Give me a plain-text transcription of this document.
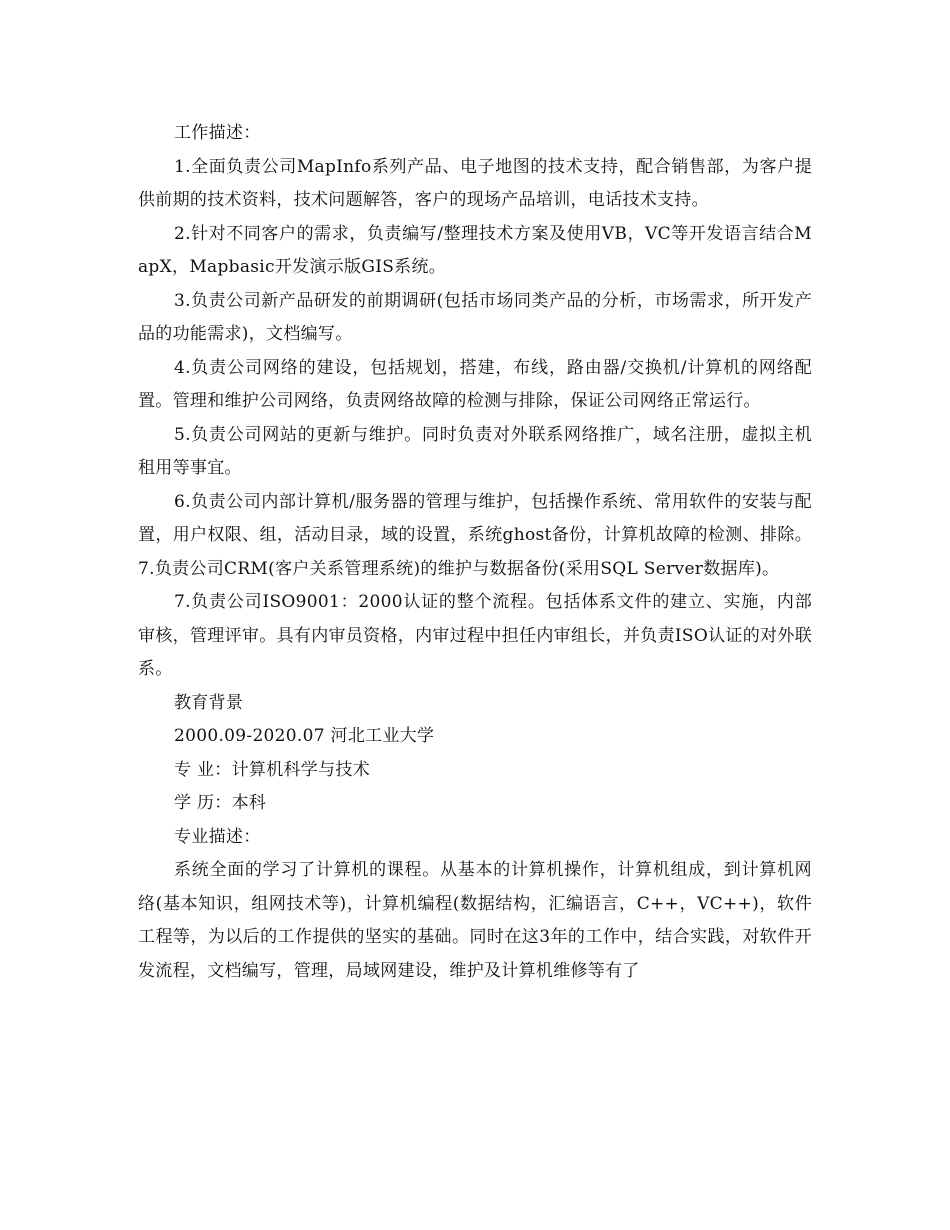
工作描述：

1.全面负责公司MapInfo系列产品、电子地图的技术支持，配合销售部，为客户提供前期的技术资料，技术问题解答，客户的现场产品培训，电话技术支持。

2.针对不同客户的需求，负责编写/整理技术方案及使用VB，VC等开发语言结合MapX，Mapbasic开发演示版GIS系统。

3.负责公司新产品研发的前期调研(包括市场同类产品的分析，市场需求，所开发产品的功能需求)，文档编写。

4.负责公司网络的建设，包括规划，搭建，布线，路由器/交换机/计算机的网络配置。管理和维护公司网络，负责网络故障的检测与排除，保证公司网络正常运行。

5.负责公司网站的更新与维护。同时负责对外联系网络推广，域名注册，虚拟主机租用等事宜。

6.负责公司内部计算机/服务器的管理与维护，包括操作系统、常用软件的安装与配置，用户权限、组，活动目录，域的设置，系统ghost备份，计算机故障的检测、排除。 7.负责公司CRM(客户关系管理系统)的维护与数据备份(采用SQL Server数据库)。

7.负责公司ISO9001：2000认证的整个流程。包括体系文件的建立、实施，内部审核，管理评审。具有内审员资格，内审过程中担任内审组长，并负责ISO认证的对外联系。

教育背景

2000.09-2020.07 河北工业大学

专 业：计算机科学与技术

学 历：本科

专业描述：

系统全面的学习了计算机的课程。从基本的计算机操作，计算机组成，到计算机网络(基本知识，组网技术等)，计算机编程(数据结构，汇编语言，C++，VC++)，软件工程等，为以后的工作提供的坚实的基础。同时在这3年的工作中，结合实践，对软件开发流程，文档编写，管理，局域网建设，维护及计算机维修等有了
